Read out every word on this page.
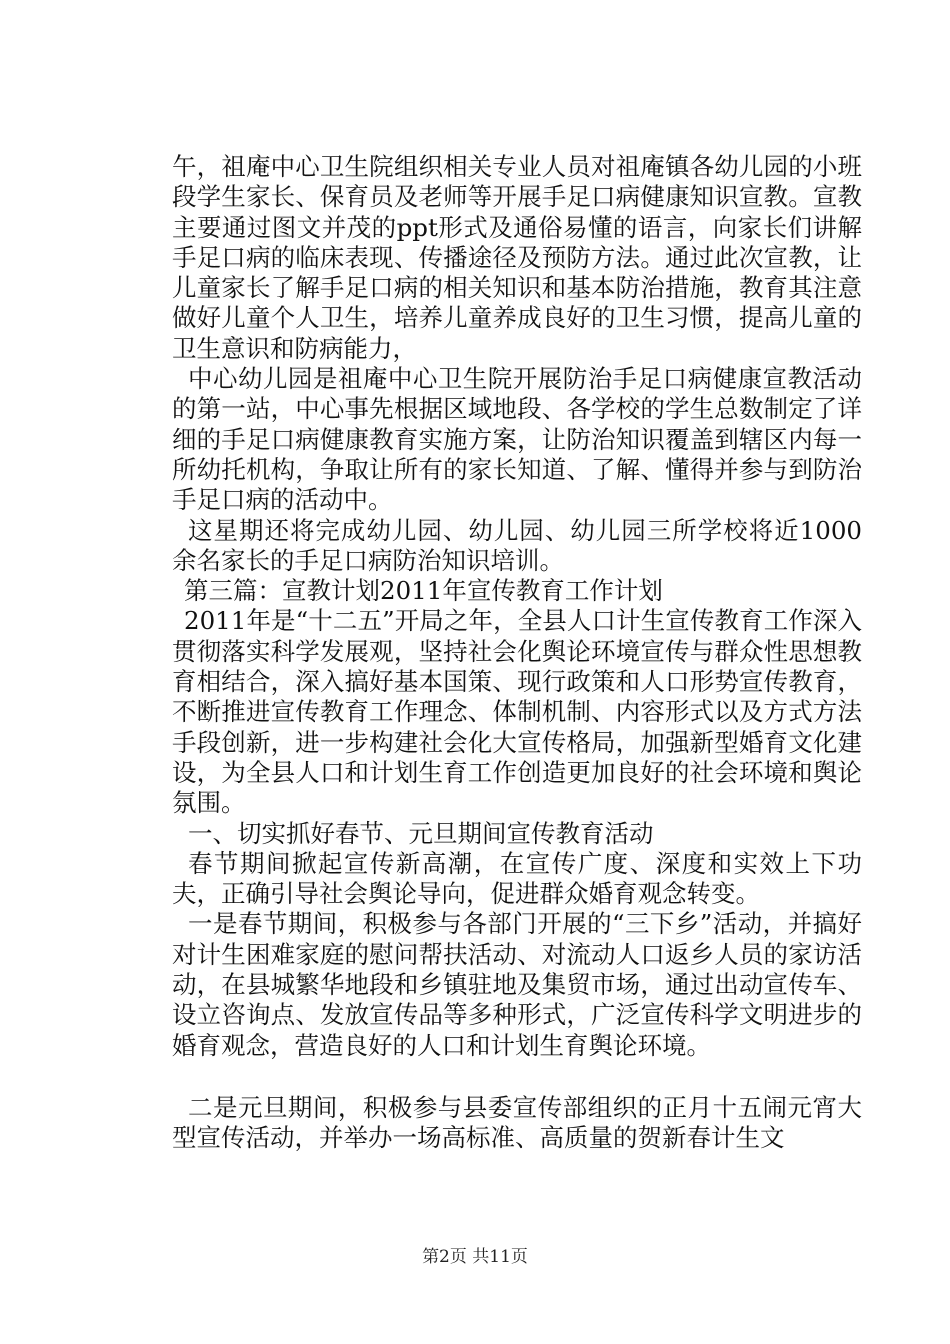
午，祖庵中心卫生院组织相关专业人员对祖庵镇各幼儿园的小班段学生家长、保育员及老师等开展手足口病健康知识宣教。宣教主要通过图文并茂的ppt形式及通俗易懂的语言，向家长们讲解手足口病的临床表现、传播途径及预防方法。通过此次宣教，让儿童家长了解手足口病的相关知识和基本防治措施，教育其注意做好儿童个人卫生，培养儿童养成良好的卫生习惯，提高儿童的卫生意识和防病能力，

中心幼儿园是祖庵中心卫生院开展防治手足口病健康宣教活动的第一站，中心事先根据区域地段、各学校的学生总数制定了详细的手足口病健康教育实施方案，让防治知识覆盖到辖区内每一所幼托机构，争取让所有的家长知道、了解、懂得并参与到防治手足口病的活动中。

这星期还将完成幼儿园、幼儿园、幼儿园三所学校将近1000余名家长的手足口病防治知识培训。

第三篇：宣教计划2011年宣传教育工作计划

2011年是“十二五”开局之年，全县人口计生宣传教育工作深入贯彻落实科学发展观，坚持社会化舆论环境宣传与群众性思想教育相结合，深入搞好基本国策、现行政策和人口形势宣传教育，不断推进宣传教育工作理念、体制机制、内容形式以及方式方法手段创新，进一步构建社会化大宣传格局，加强新型婚育文化建设，为全县人口和计划生育工作创造更加良好的社会环境和舆论氛围。

一、切实抓好春节、元旦期间宣传教育活动

春节期间掀起宣传新高潮，在宣传广度、深度和实效上下功夫，正确引导社会舆论导向，促进群众婚育观念转变。

一是春节期间，积极参与各部门开展的“三下乡”活动，并搞好对计生困难家庭的慰问帮扶活动、对流动人口返乡人员的家访活动，在县城繁华地段和乡镇驻地及集贸市场，通过出动宣传车、设立咨询点、发放宣传品等多种形式，广泛宣传科学文明进步的婚育观念，营造良好的人口和计划生育舆论环境。

二是元旦期间，积极参与县委宣传部组织的正月十五闹元宵大型宣传活动，并举办一场高标准、高质量的贺新春计生文

第2页 共11页
